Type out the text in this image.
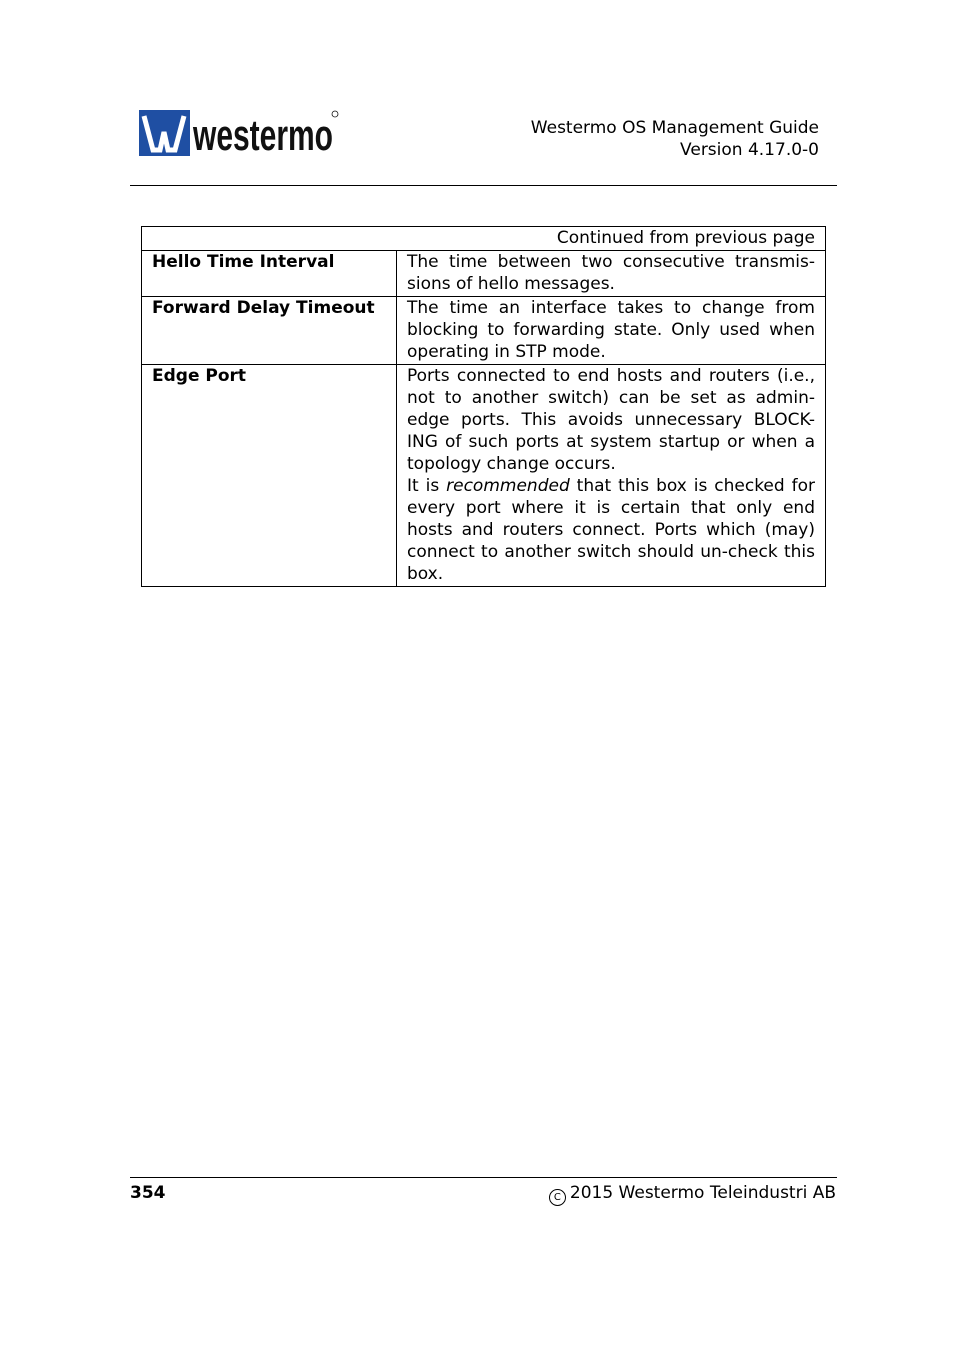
westermo	Westermo OS Management Guide
Version 4.17.0-0
Continued from previous page	
Hello Time Interval	The time between two consecutive transmis-sions of hello messages.
Forward Delay Timeout	The time an interface takes to change from blocking to forwarding state. Only used when operating in STP mode.
Edge Port	Ports connected to end hosts and routers (i.e., not to another switch) can be set as admin-edge ports. This avoids unnecessary BLOCK-ING of such ports at system startup or when a topology change occurs.
It is recommended that this box is checked for every port where it is certain that only end hosts and routers connect. Ports which (may) connect to another switch should un-check this box.
354	C 2015 Westermo Teleindustri AB
